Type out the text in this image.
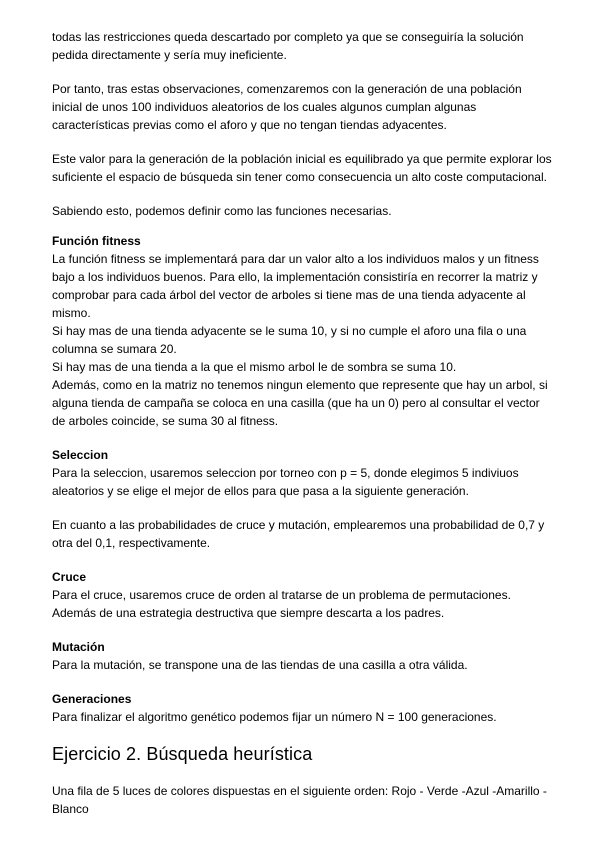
todas las restricciones queda descartado por completo ya que se conseguiría la solución pedida directamente y sería muy ineficiente.

Por tanto, tras estas observaciones, comenzaremos con la generación de una población inicial de unos 100 individuos aleatorios de los cuales algunos cumplan algunas características previas como el aforo y que no tengan tiendas adyacentes.

Este valor para la generación de la población inicial es equilibrado ya que permite explorar los suficiente el espacio de búsqueda sin tener como consecuencia un alto coste computacional.

Sabiendo esto, podemos definir como las funciones necesarias.

Función fitness

La función fitness se implementará para dar un valor alto a los individuos malos y un fitness bajo a los individuos buenos. Para ello, la implementación consistiría en recorrer la matriz y comprobar para cada árbol del vector de arboles si tiene mas de una tienda adyacente al mismo.

Si hay mas de una tienda adyacente se le suma 10, y si no cumple el aforo una fila o una columna se sumara 20.

Si hay mas de una tienda a la que el mismo arbol le de sombra se suma 10.

Además, como en la matriz no tenemos ningun elemento que represente que hay un arbol, si alguna tienda de campaña se coloca en una casilla (que ha un 0) pero al consultar el vector de arboles coincide, se suma 30 al fitness.

Seleccion

Para la seleccion, usaremos seleccion por torneo con p = 5, donde elegimos 5 indiviuos aleatorios y se elige el mejor de ellos para que pasa a la siguiente generación.

En cuanto a las probabilidades de cruce y mutación, emplearemos una probabilidad de 0,7 y otra del 0,1, respectivamente.

Cruce

Para el cruce, usaremos cruce de orden al tratarse de un problema de permutaciones. Además de una estrategia destructiva que siempre descarta a los padres.

Mutación

Para la mutación, se transpone una de las tiendas de una casilla a otra válida.

Generaciones

Para finalizar el algoritmo genético podemos fijar un número N = 100 generaciones.

Ejercicio 2. Búsqueda heurística

Una fila de 5 luces de colores dispuestas en el siguiente orden: Rojo - Verde -Azul -Amarillo - Blanco
